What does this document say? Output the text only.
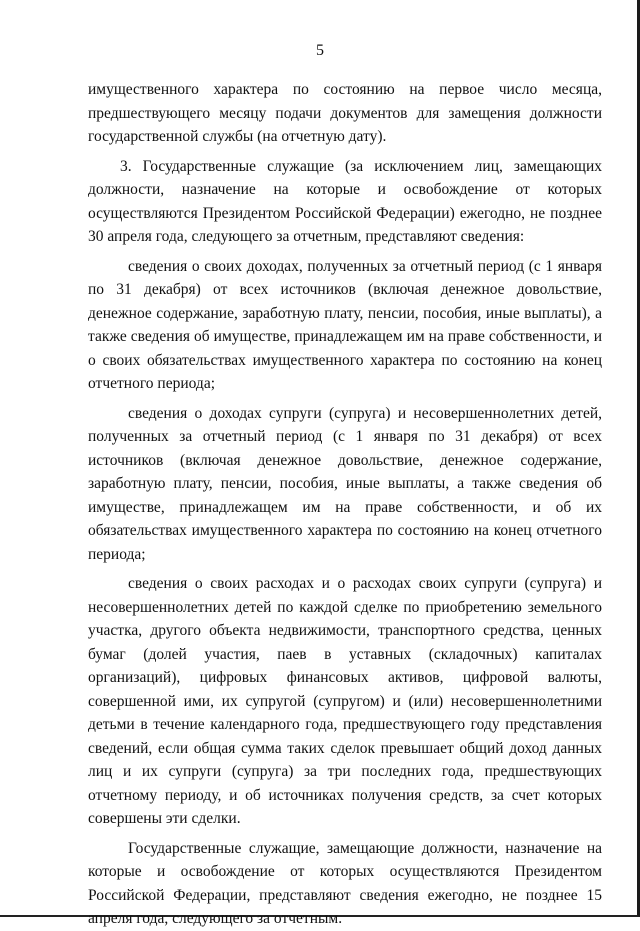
5

имущественного характера по состоянию на первое число месяца, предшествующего месяцу подачи документов для замещения должности государственной службы (на отчетную дату).

3. Государственные служащие (за исключением лиц, замещающих должности, назначение на которые и освобождение от которых осуществляются Президентом Российской Федерации) ежегодно, не позднее 30 апреля года, следующего за отчетным, представляют сведения:

сведения о своих доходах, полученных за отчетный период (с 1 января по 31 декабря) от всех источников (включая денежное довольствие, денежное содержание, заработную плату, пенсии, пособия, иные выплаты), а также сведения об имуществе, принадлежащем им на праве собственности, и о своих обязательствах имущественного характера по состоянию на конец отчетного периода;

сведения о доходах супруги (супруга) и несовершеннолетних детей, полученных за отчетный период (с 1 января по 31 декабря) от всех источников (включая денежное довольствие, денежное содержание, заработную плату, пенсии, пособия, иные выплаты, а также сведения об имуществе, принадлежащем им на праве собственности, и об их обязательствах имущественного характера по состоянию на конец отчетного периода;

сведения о своих расходах и о расходах своих супруги (супруга) и несовершеннолетних детей по каждой сделке по приобретению земельного участка, другого объекта недвижимости, транспортного средства, ценных бумаг (долей участия, паев в уставных (складочных) капиталах организаций), цифровых финансовых активов, цифровой валюты, совершенной ими, их супругой (супругом) и (или) несовершеннолетними детьми в течение календарного года, предшествующего году представления сведений, если общая сумма таких сделок превышает общий доход данных лиц и их супруги (супруга) за три последних года, предшествующих отчетному периоду, и об источниках получения средств, за счет которых совершены эти сделки.

Государственные служащие, замещающие должности, назначение на которые и освобождение от которых осуществляются Президентом Российской Федерации, представляют сведения ежегодно, не позднее 15 апреля года, следующего за отчетным.
